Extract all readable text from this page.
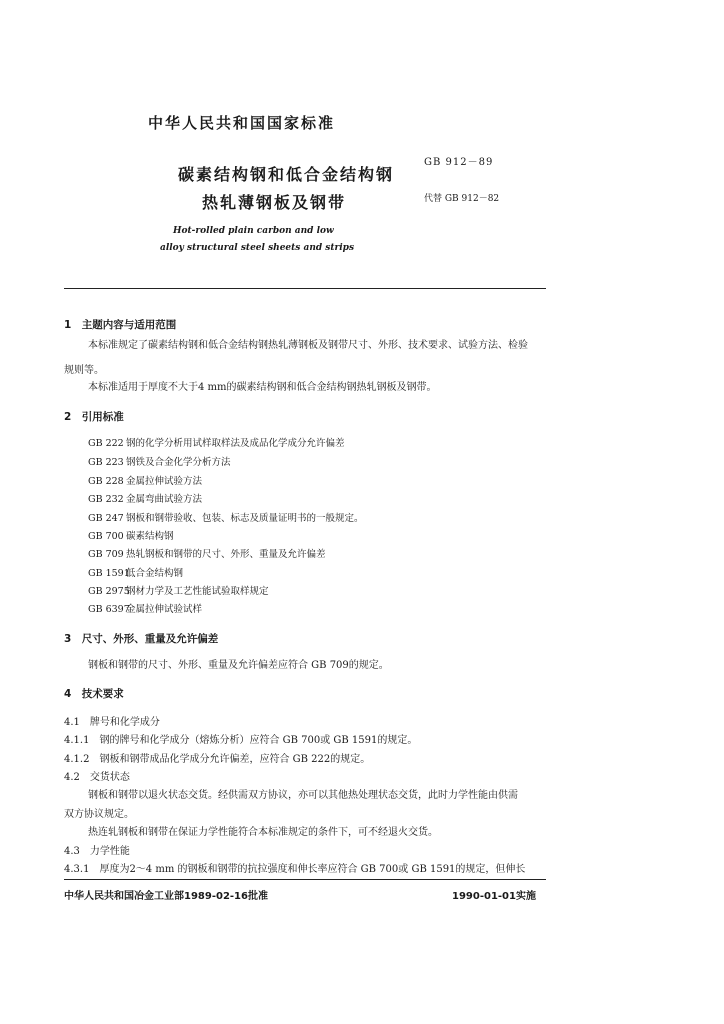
中华人民共和国国家标准
GB 912－89
碳素结构钢和低合金结构钢
热轧薄钢板及钢带	代替 GB 912－82
Hot-rolled plain carbon and low
alloy structural steel sheets and strips
1　主题内容与适用范围
本标准规定了碳素结构钢和低合金结构钢热轧薄钢板及钢带尺寸、外形、技术要求、试验方法、检验
规则等。
本标准适用于厚度不大于4 mm的碳素结构钢和低合金结构钢热轧钢板及钢带。
2　引用标准
GB 222 钢的化学分析用试样取样法及成品化学成分允许偏差
GB 223 钢铁及合金化学分析方法
GB 228 金属拉伸试验方法
GB 232 金属弯曲试验方法
GB 247 钢板和钢带验收、包装、标志及质量证明书的一般规定。
GB 700 碳素结构钢
GB 709 热轧钢板和钢带的尺寸、外形、重量及允许偏差
GB 1591低合金结构钢
GB 2975钢材力学及工艺性能试验取样规定
GB 6397金属拉伸试验试样
3　尺寸、外形、重量及允许偏差
钢板和钢带的尺寸、外形、重量及允许偏差应符合 GB 709的规定。
4　技术要求
4.1　牌号和化学成分
4.1.1　钢的牌号和化学成分（熔炼分析）应符合 GB 700或 GB 1591的规定。
4.1.2　钢板和钢带成品化学成分允许偏差，应符合 GB 222的规定。
4.2　交货状态
钢板和钢带以退火状态交货。经供需双方协议，亦可以其他热处理状态交货，此时力学性能由供需
双方协议规定。
热连轧钢板和钢带在保证力学性能符合本标准规定的条件下，可不经退火交货。
4.3　力学性能
4.3.1　厚度为2～4 mm 的钢板和钢带的抗拉强度和伸长率应符合 GB 700或 GB 1591的规定，但伸长
中华人民共和国冶金工业部1989-02-16批准	1990-01-01实施
